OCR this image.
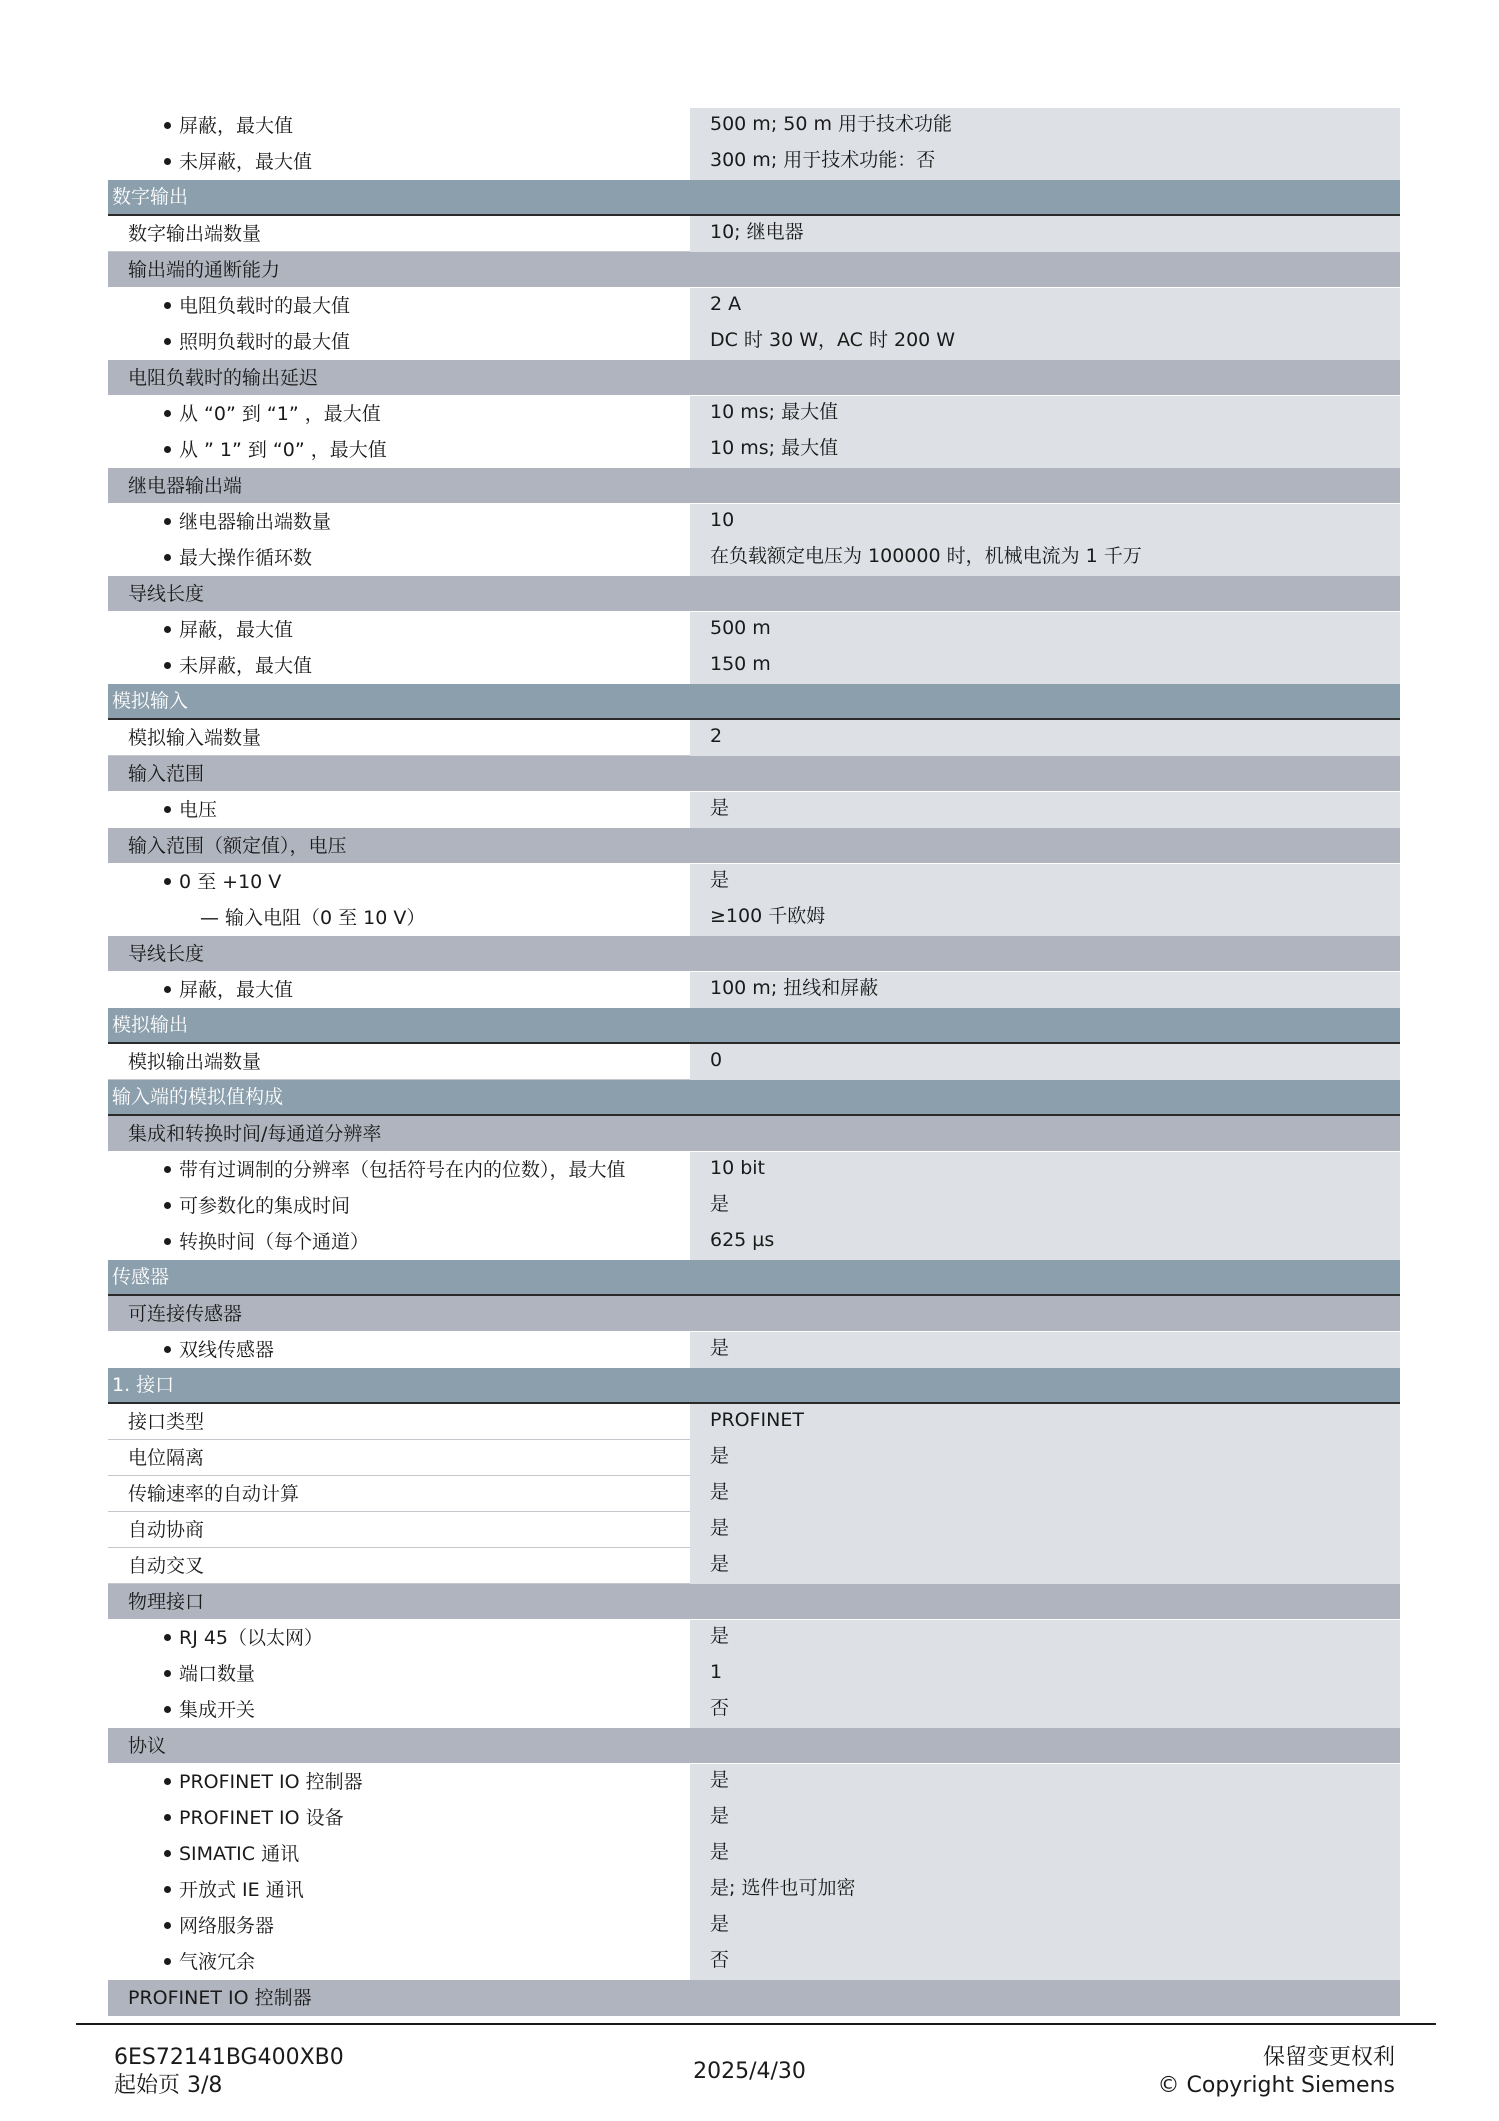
屏蔽，最大值	500 m; 50 m 用于技术功能
未屏蔽，最大值	300 m; 用于技术功能：否
数字输出
数字输出端数量	10; 继电器
输出端的通断能力
电阻负载时的最大值	2 A
照明负载时的最大值	DC 时 30 W，AC 时 200 W
电阻负载时的输出延迟
从 “0” 到 “1” ，最大值	10 ms; 最大值
从 ” 1” 到 “0” ，最大值	10 ms; 最大值
继电器输出端
继电器输出端数量	10
最大操作循环数	在负载额定电压为 100000 时，机械电流为 1 千万
导线长度
屏蔽，最大值	500 m
未屏蔽，最大值	150 m
模拟输入
模拟输入端数量	2
输入范围
电压	是
输入范围（额定值），电压
0 至 +10 V	是
— 输入电阻（0 至 10 V）	≥100 千欧姆
导线长度
屏蔽，最大值	100 m; 扭线和屏蔽
模拟输出
模拟输出端数量	0
输入端的模拟值构成
集成和转换时间/每通道分辨率
带有过调制的分辨率（包括符号在内的位数），最大值	10 bit
可参数化的集成时间	是
转换时间（每个通道）	625 µs
传感器
可连接传感器
双线传感器	是
1. 接口
接口类型	PROFINET
电位隔离	是
传输速率的自动计算	是
自动协商	是
自动交叉	是
物理接口
RJ 45（以太网）	是
端口数量	1
集成开关	否
协议
PROFINET IO 控制器	是
PROFINET IO 设备	是
SIMATIC 通讯	是
开放式 IE 通讯	是; 选件也可加密
网络服务器	是
气液冗余	否
PROFINET IO 控制器
6ES72141BG400XB0
起始页 3/8
2025/4/30
保留变更权利
© Copyright Siemens
